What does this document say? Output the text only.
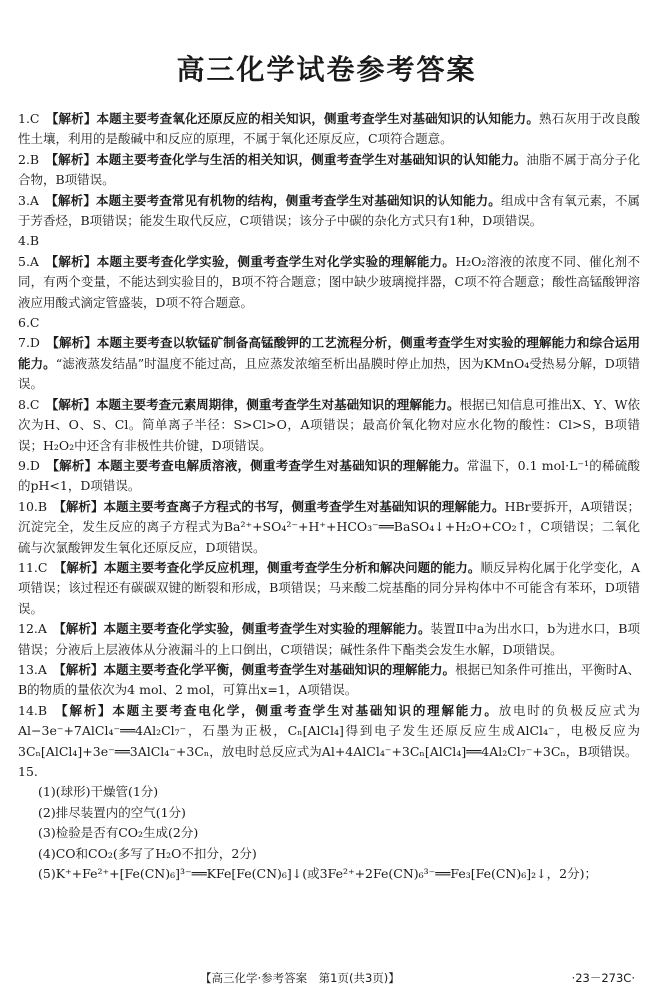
高三化学试卷参考答案

1.C  【解析】本题主要考查氧化还原反应的相关知识，侧重考查学生对基础知识的认知能力。熟石灰用于改良酸性土壤，利用的是酸碱中和反应的原理，不属于氧化还原反应，C项符合题意。

2.B  【解析】本题主要考查化学与生活的相关知识，侧重考查学生对基础知识的认知能力。油脂不属于高分子化合物，B项错误。

3.A  【解析】本题主要考查常见有机物的结构，侧重考查学生对基础知识的认知能力。组成中含有氧元素，不属于芳香烃，B项错误；能发生取代反应，C项错误；该分子中碳的杂化方式只有1种，D项错误。

4.B

5.A  【解析】本题主要考查化学实验，侧重考查学生对化学实验的理解能力。H₂O₂溶液的浓度不同、催化剂不同，有两个变量，不能达到实验目的，B项不符合题意；图中缺少玻璃搅拌器，C项不符合题意；酸性高锰酸钾溶液应用酸式滴定管盛装，D项不符合题意。

6.C

7.D  【解析】本题主要考查以软锰矿制备高锰酸钾的工艺流程分析，侧重考查学生对实验的理解能力和综合运用能力。“滤液蒸发结晶”时温度不能过高，且应蒸发浓缩至析出晶膜时停止加热，因为KMnO₄受热易分解，D项错误。

8.C  【解析】本题主要考查元素周期律，侧重考查学生对基础知识的理解能力。根据已知信息可推出X、Y、W依次为H、O、S、Cl。简单离子半径：S>Cl>O，A项错误；最高价氧化物对应水化物的酸性：Cl>S，B项错误；H₂O₂中还含有非极性共价键，D项错误。

9.D  【解析】本题主要考查电解质溶液，侧重考查学生对基础知识的理解能力。常温下，0.1 mol·L⁻¹的稀硫酸的pH<1，D项错误。

10.B  【解析】本题主要考查离子方程式的书写，侧重考查学生对基础知识的理解能力。HBr要拆开，A项错误；沉淀完全，发生反应的离子方程式为Ba²⁺+SO₄²⁻+H⁺+HCO₃⁻══BaSO₄↓+H₂O+CO₂↑，C项错误；二氧化硫与次氯酸钾发生氧化还原反应，D项错误。

11.C  【解析】本题主要考查化学反应机理，侧重考查学生分析和解决问题的能力。顺反异构化属于化学变化，A项错误；该过程还有碳碳双键的断裂和形成，B项错误；马来酸二烷基酯的同分异构体中不可能含有苯环，D项错误。

12.A  【解析】本题主要考查化学实验，侧重考查学生对实验的理解能力。装置Ⅱ中a为出水口，b为进水口，B项错误；分液后上层液体从分液漏斗的上口倒出，C项错误；碱性条件下酯类会发生水解，D项错误。

13.A  【解析】本题主要考查化学平衡，侧重考查学生对基础知识的理解能力。根据已知条件可推出，平衡时A、B的物质的量依次为4 mol、2 mol，可算出x=1，A项错误。

14.B  【解析】本题主要考查电化学，侧重考查学生对基础知识的理解能力。放电时的负极反应式为Al−3e⁻+7AlCl₄⁻══4Al₂Cl₇⁻，石墨为正极，Cₙ[AlCl₄]得到电子发生还原反应生成AlCl₄⁻，电极反应为3Cₙ[AlCl₄]+3e⁻══3AlCl₄⁻+3Cₙ，放电时总反应式为Al+4AlCl₄⁻+3Cₙ[AlCl₄]══4Al₂Cl₇⁻+3Cₙ，B项错误。

15.

(1)(球形)干燥管(1分)

(2)排尽装置内的空气(1分)

(3)检验是否有CO₂生成(2分)

(4)CO和CO₂(多写了H₂O不扣分，2分)

(5)K⁺+Fe²⁺+[Fe(CN)₆]³⁻══KFe[Fe(CN)₆]↓(或3Fe²⁺+2Fe(CN)₆³⁻══Fe₃[Fe(CN)₆]₂↓，2分)；

【高三化学·参考答案　第1页(共3页)】	·23－273C·
